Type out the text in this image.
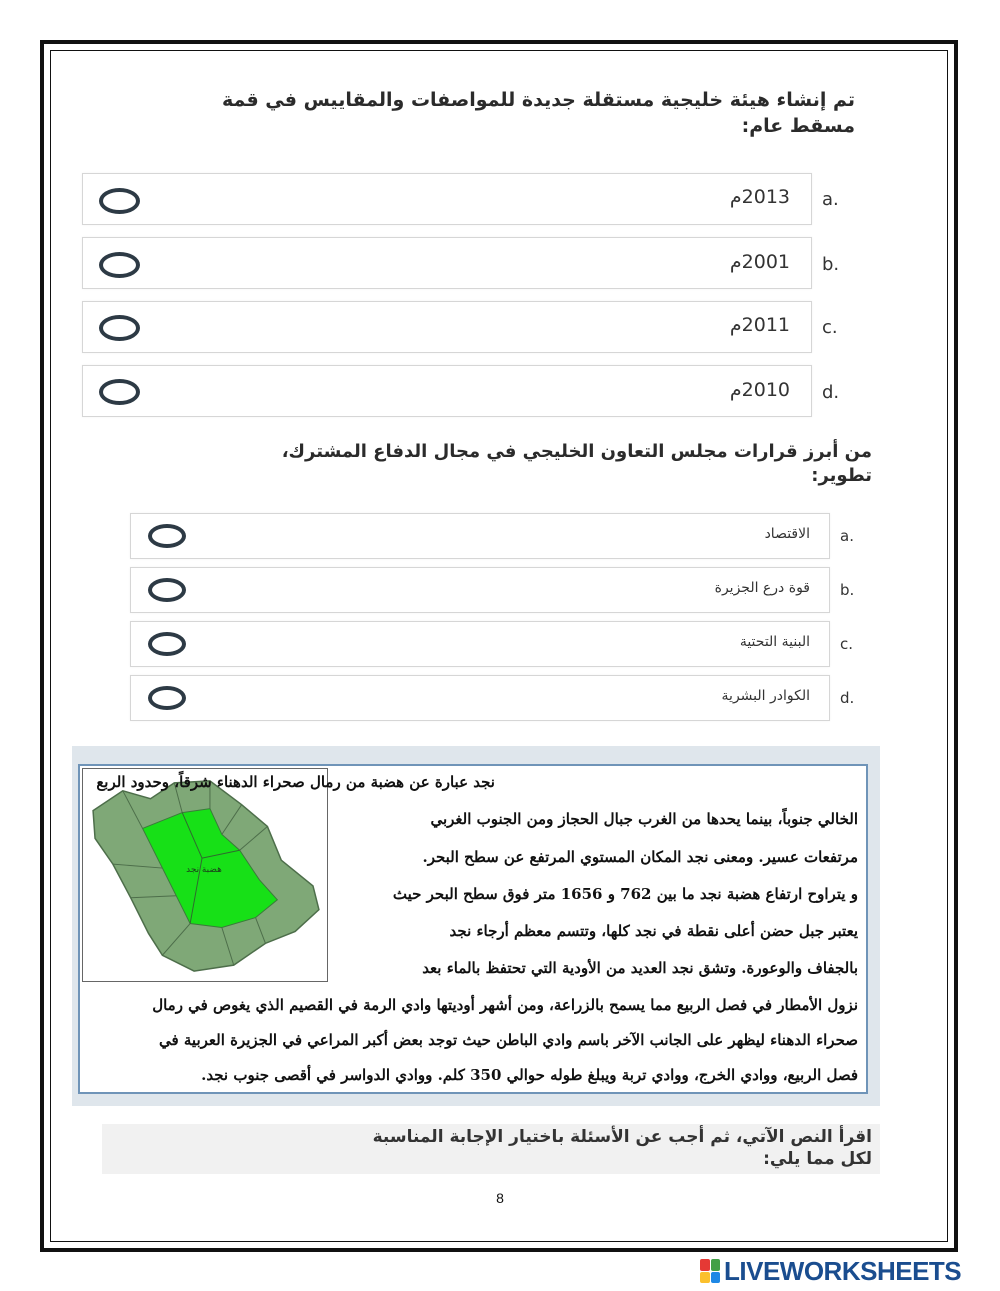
تم إنشاء هيئة خليجية مستقلة جديدة للمواصفات والمقاييس في قمة
مسقط عام:
2013م a.
2001م b.
2011م c.
2010م d.
من أبرز قرارات مجلس التعاون الخليجي في مجال الدفاع المشترك،
تطوير:
الاقتصاد a.
قوة درع الجزيرة b.
البنية التحتية c.
الكوادر البشرية d.
هضبة نجد
نجد عبارة عن هضبة من رمال صحراء الدهناء شرقاً، وحدود الربع
الخالي جنوباً، بينما يحدها من الغرب جبال الحجاز ومن الجنوب الغربي
مرتفعات عسير. ومعنى نجد المكان المستوي المرتفع عن سطح البحر.
و يتراوح ارتفاع هضبة نجد ما بين 762 و 1656 متر فوق سطح البحر حيث
يعتبر جبل حضن أعلى نقطة في نجد كلها، وتتسم معظم أرجاء نجد
بالجفاف والوعورة. وتشق نجد العديد من الأودية التي تحتفظ بالماء بعد
نزول الأمطار في فصل الربيع مما يسمح بالزراعة، ومن أشهر أوديتها وادي الرمة في القصيم الذي يغوص في رمال
صحراء الدهناء ليظهر على الجانب الآخر باسم وادي الباطن حيث توجد بعض أكبر المراعي في الجزيرة العربية في
فصل الربيع، ووادي الخرج، ووادي تربة ويبلغ طوله حوالي 350 كلم. ووادي الدواسر في أقصى جنوب نجد.
اقرأ النص الآتي، ثم أجب عن الأسئلة باختيار الإجابة المناسبة
لكل مما يلي:
8
LIVEWORKSHEETS
